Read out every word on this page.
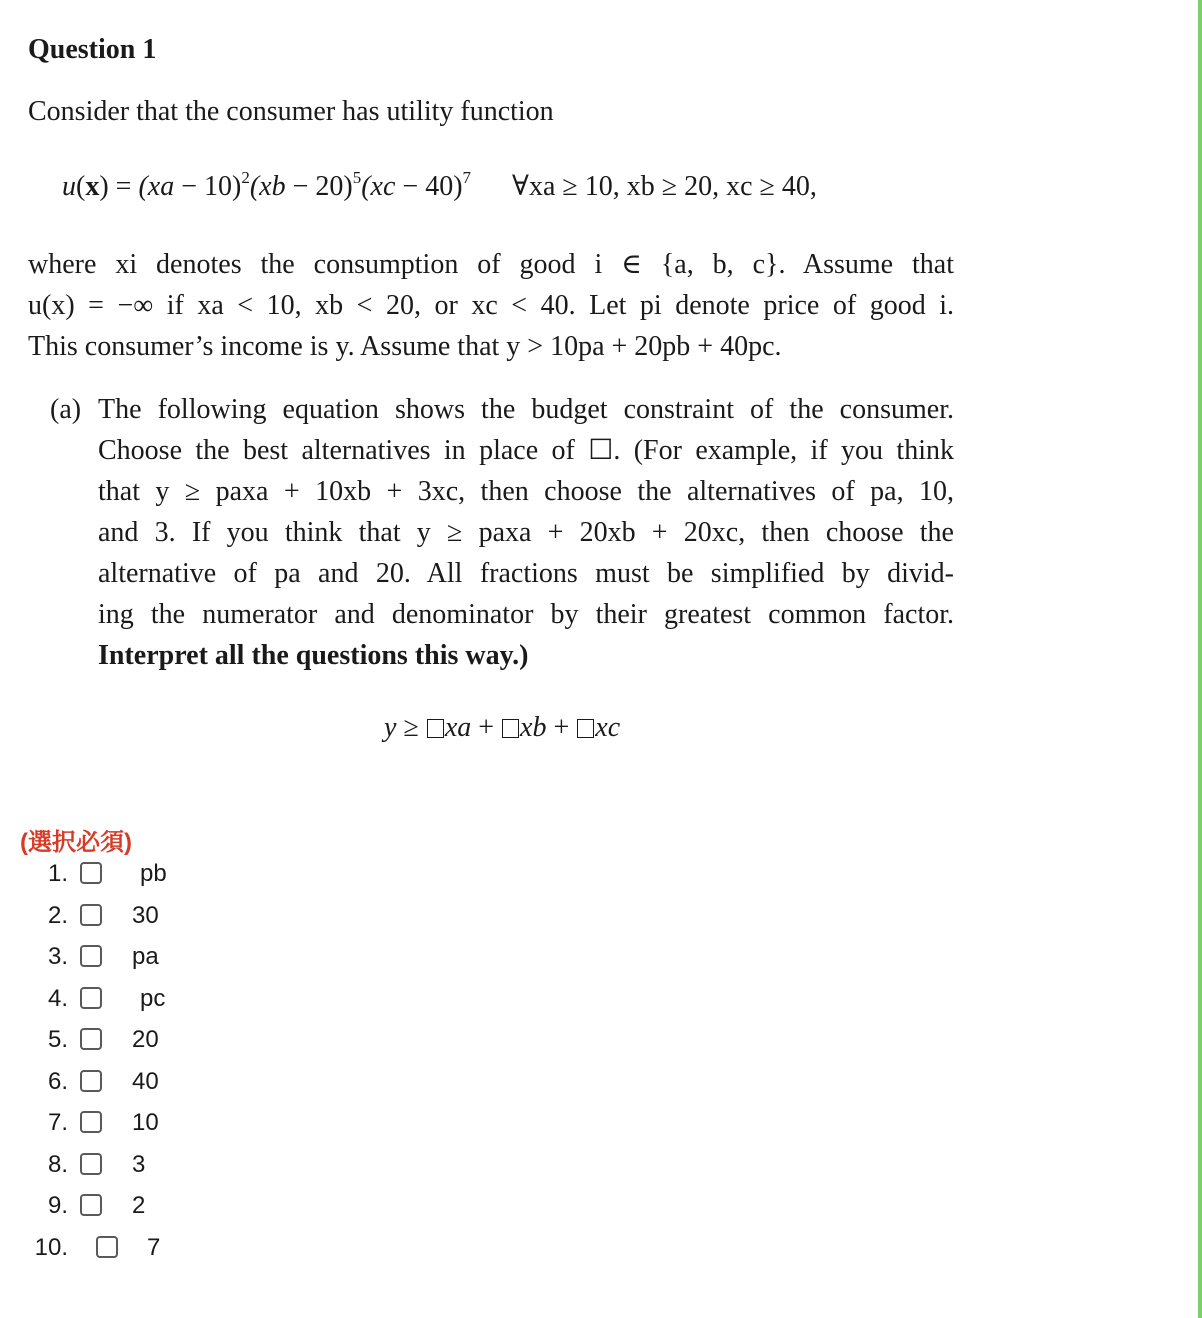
Question 1
Consider that the consumer has utility function
u(x) = (xa − 10)$^2$(xb − 20)$^5$(xc − 40)$^7$ ∀xa ≥ 10, xb ≥ 20, xc ≥ 40,
where xi denotes the consumption of good i ∈ {a, b, c}. Assume that
u(x) = −∞ if xa < 10, xb < 20, or xc < 40. Let pi denote price of good i.
This consumer’s income is y. Assume that y > 10pa + 20pb + 40pc.
(a) The following equation shows the budget constraint of the consumer.
Choose the best alternatives in place of ☐. (For example, if you think
that y ≥ paxa + 10xb + 3xc, then choose the alternatives of pa, 10,
and 3. If you think that y ≥ paxa + 20xb + 20xc, then choose the
alternative of pa and 20. All fractions must be simplified by divid-
ing the numerator and denominator by their greatest common factor.
Interpret all the questions this way.)
y ≥ xa + xb + xc
(選択必須)
1.	pb
2.	30
3.	pa
4.	pc
5.	20
6.	40
7.	10
8.	3
9.	2
10.	7
